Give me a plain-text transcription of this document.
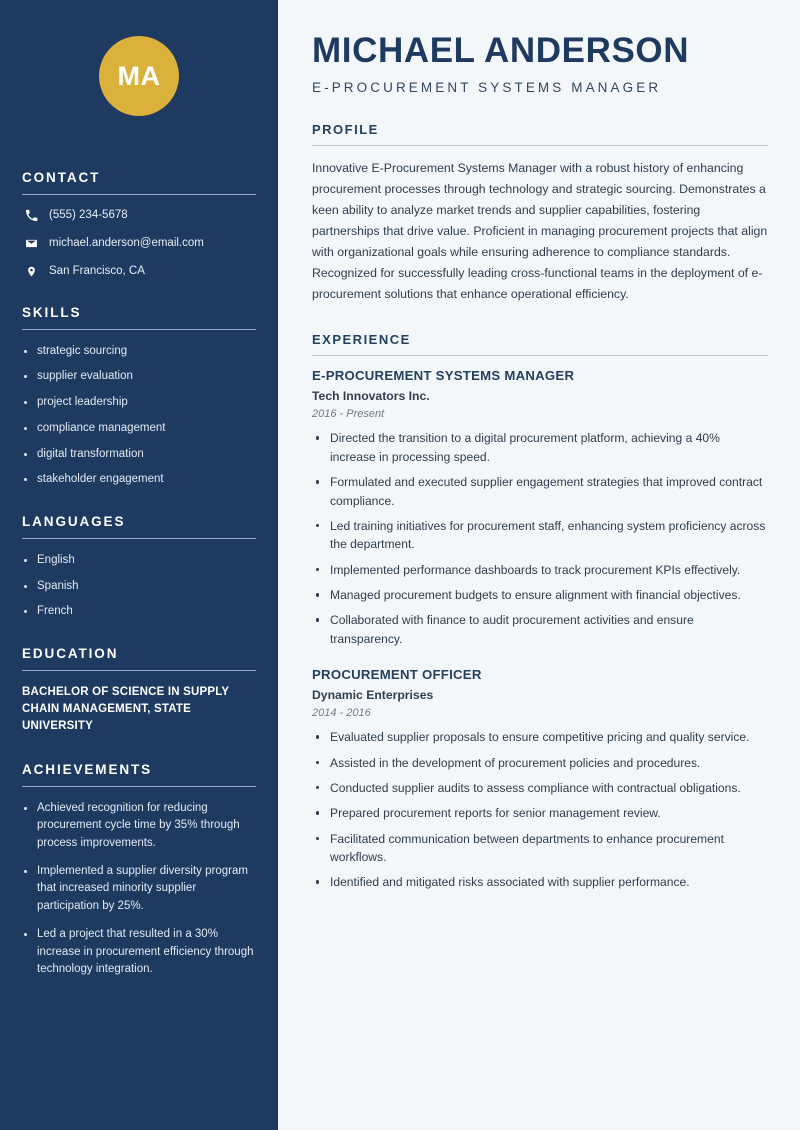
MA
CONTACT
(555) 234-5678
michael.anderson@email.com
San Francisco, CA
SKILLS
strategic sourcing
supplier evaluation
project leadership
compliance management
digital transformation
stakeholder engagement
LANGUAGES
English
Spanish
French
EDUCATION
BACHELOR OF SCIENCE IN SUPPLY CHAIN MANAGEMENT, STATE UNIVERSITY
ACHIEVEMENTS
Achieved recognition for reducing procurement cycle time by 35% through process improvements.
Implemented a supplier diversity program that increased minority supplier participation by 25%.
Led a project that resulted in a 30% increase in procurement efficiency through technology integration.
MICHAEL ANDERSON
E-PROCUREMENT SYSTEMS MANAGER
PROFILE

Innovative E-Procurement Systems Manager with a robust history of enhancing procurement processes through technology and strategic sourcing. Demonstrates a keen ability to analyze market trends and supplier capabilities, fostering partnerships that drive value. Proficient in managing procurement projects that align with organizational goals while ensuring adherence to compliance standards. Recognized for successfully leading cross-functional teams in the deployment of e-procurement solutions that enhance operational efficiency.

EXPERIENCE
E-PROCUREMENT SYSTEMS MANAGER
Tech Innovators Inc.
2016 - Present
Directed the transition to a digital procurement platform, achieving a 40% increase in processing speed.
Formulated and executed supplier engagement strategies that improved contract compliance.
Led training initiatives for procurement staff, enhancing system proficiency across the department.
Implemented performance dashboards to track procurement KPIs effectively.
Managed procurement budgets to ensure alignment with financial objectives.
Collaborated with finance to audit procurement activities and ensure transparency.
PROCUREMENT OFFICER
Dynamic Enterprises
2014 - 2016
Evaluated supplier proposals to ensure competitive pricing and quality service.
Assisted in the development of procurement policies and procedures.
Conducted supplier audits to assess compliance with contractual obligations.
Prepared procurement reports for senior management review.
Facilitated communication between departments to enhance procurement workflows.
Identified and mitigated risks associated with supplier performance.
